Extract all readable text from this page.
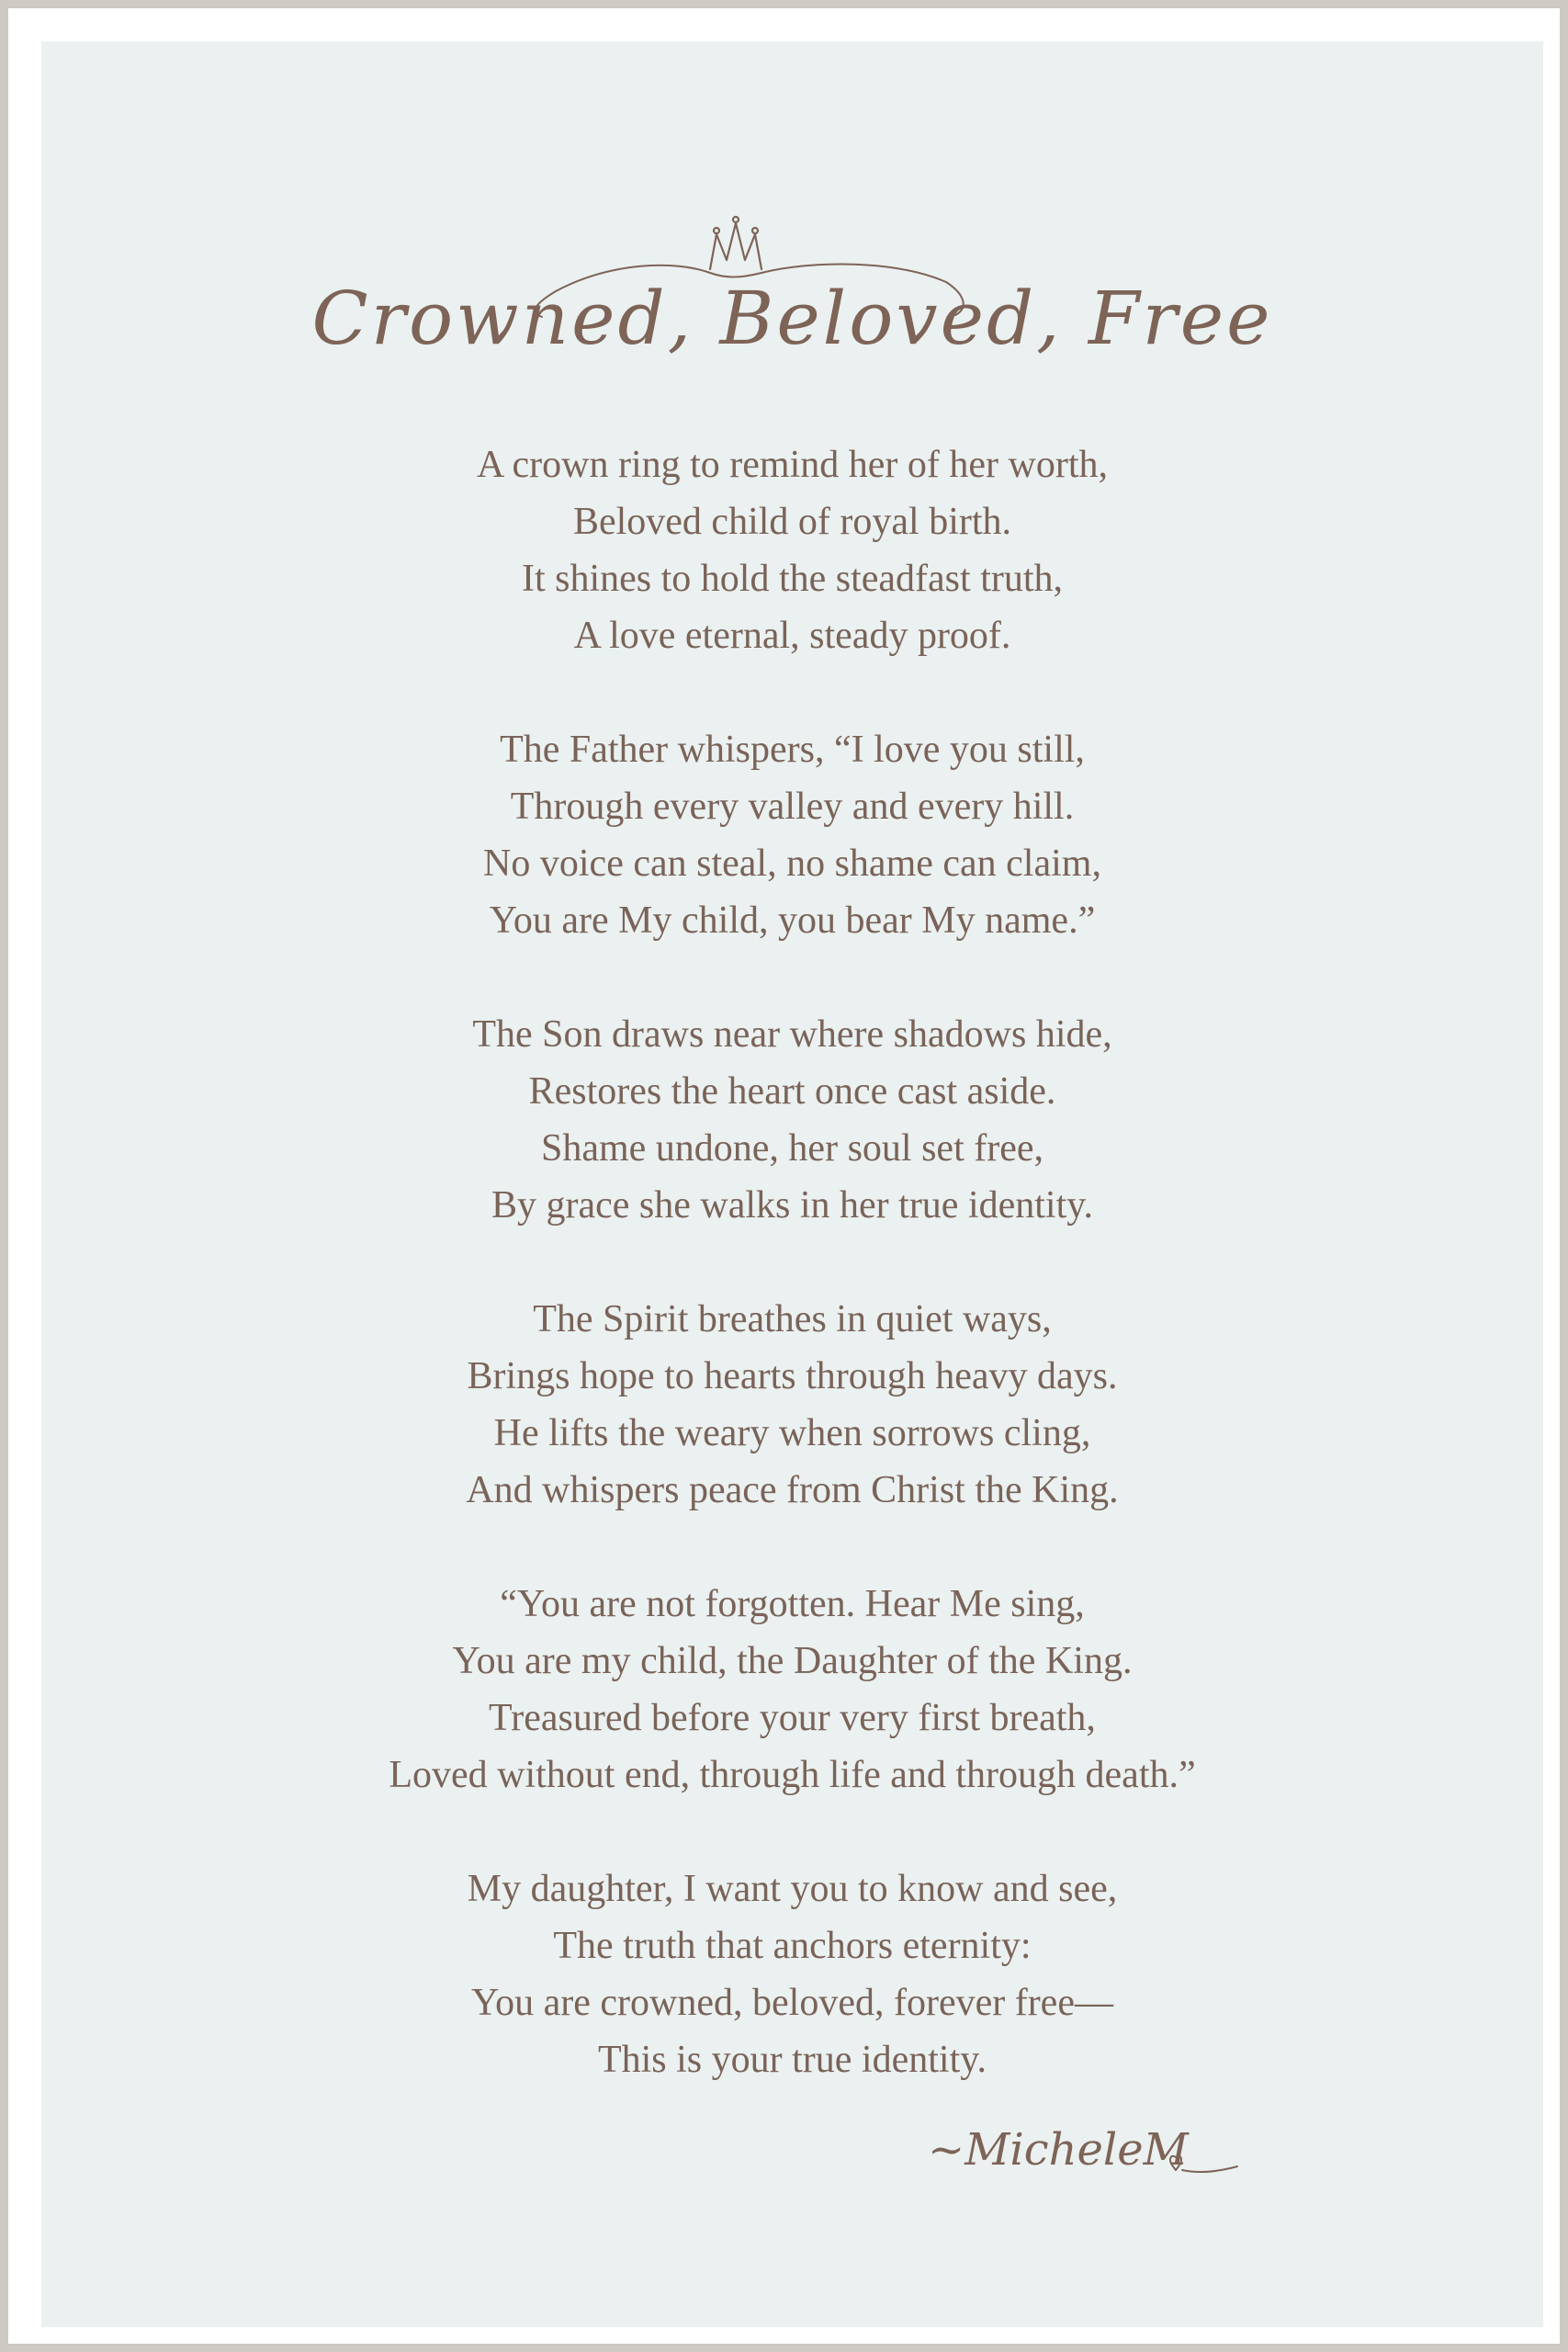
Crowned, Beloved, Free
A crown ring to remind her of her worth,
Beloved child of royal birth.
It shines to hold the steadfast truth,
A love eternal, steady proof.
The Father whispers, “I love you still,
Through every valley and every hill.
No voice can steal, no shame can claim,
You are My child, you bear My name.”
The Son draws near where shadows hide,
Restores the heart once cast aside.
Shame undone, her soul set free,
By grace she walks in her true identity.
The Spirit breathes in quiet ways,
Brings hope to hearts through heavy days.
He lifts the weary when sorrows cling,
And whispers peace from Christ the King.
“You are not forgotten. Hear Me sing,
You are my child, the Daughter of the King.
Treasured before your very first breath,
Loved without end, through life and through death.”
My daughter, I want you to know and see,
The truth that anchors eternity:
You are crowned, beloved, forever free—
This is your true identity.
~MicheleM
